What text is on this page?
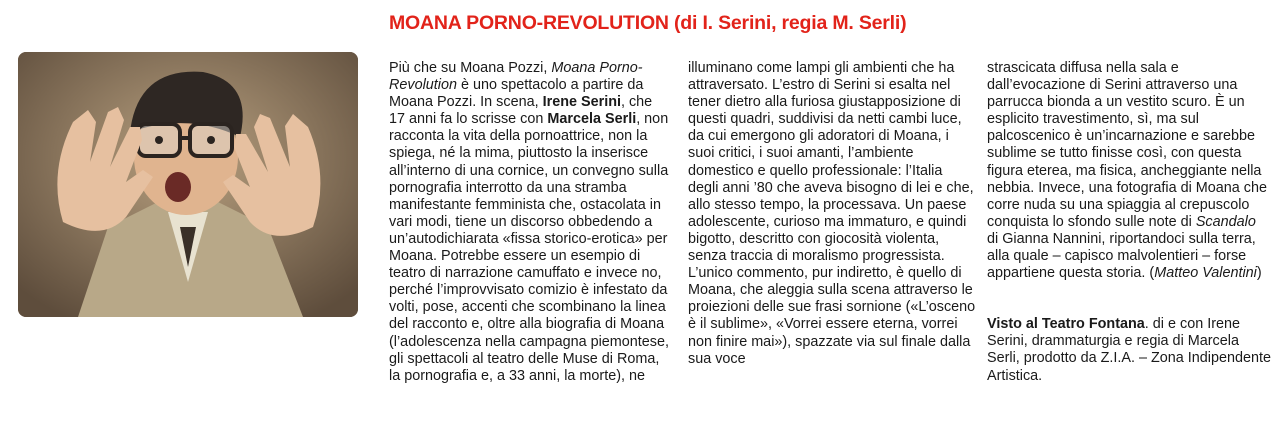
MOANA PORNO-REVOLUTION (di I. Serini, regia M. Serli)

Più che su Moana Pozzi, Moana Porno-Revolution è uno spettacolo a partire da Moana Pozzi. In scena, Irene Serini, che 17 anni fa lo scrisse con Marcela Serli, non racconta la vita della pornoattrice, non la spiega, né la mima, piuttosto la inserisce all’interno di una cornice, un convegno sulla pornografia interrotto da una stramba manifestante femminista che, ostacolata in vari modi, tiene un discorso obbedendo a un’autodichiarata «fissa storico-erotica» per Moana. Potrebbe essere un esempio di teatro di narrazione camuffato e invece no, perché l’improvvisato comizio è infestato da volti, pose, accenti che scombinano la linea del racconto e, oltre alla biografia di Moana (l’adolescenza nella campagna piemontese, gli spettacoli al teatro delle Muse di Roma, la pornografia e, a 33 anni, la morte), ne

illuminano come lampi gli ambienti che ha attraversato. L’estro di Serini si esalta nel tener dietro alla furiosa giustapposizione di questi quadri, suddivisi da netti cambi luce, da cui emergono gli adoratori di Moana, i suoi critici, i suoi amanti, l’ambiente domestico e quello professionale: l’Italia degli anni ’80 che aveva bisogno di lei e che, allo stesso tempo, la processava. Un paese adolescente, curioso ma immaturo, e quindi bigotto, descritto con giocosità violenta, senza traccia di moralismo progressista. L’unico commento, pur indiretto, è quello di Moana, che aleggia sulla scena attraverso le proiezioni delle sue frasi sornione («L’osceno è il sublime», «Vorrei essere eterna, vorrei non finire mai»), spazzate via sul finale dalla sua voce

strascicata diffusa nella sala e dall’evocazione di Serini attraverso una parrucca bionda a un vestito scuro. È un esplicito travestimento, sì, ma sul palcoscenico è un’incarnazione e sarebbe sublime se tutto finisse così, con questa figura eterea, ma fisica, ancheggiante nella nebbia. Invece, una fotografia di Moana che corre nuda su una spiaggia al crepuscolo conquista lo sfondo sulle note di Scandalo di Gianna Nannini, riportandoci sulla terra, alla quale – capisco malvolentieri – forse appartiene questa storia. (Matteo Valentini)

Visto al Teatro Fontana. di e con Irene Serini, drammaturgia e regia di Marcela Serli, prodotto da Z.I.A. – Zona Indipendente Artistica.
